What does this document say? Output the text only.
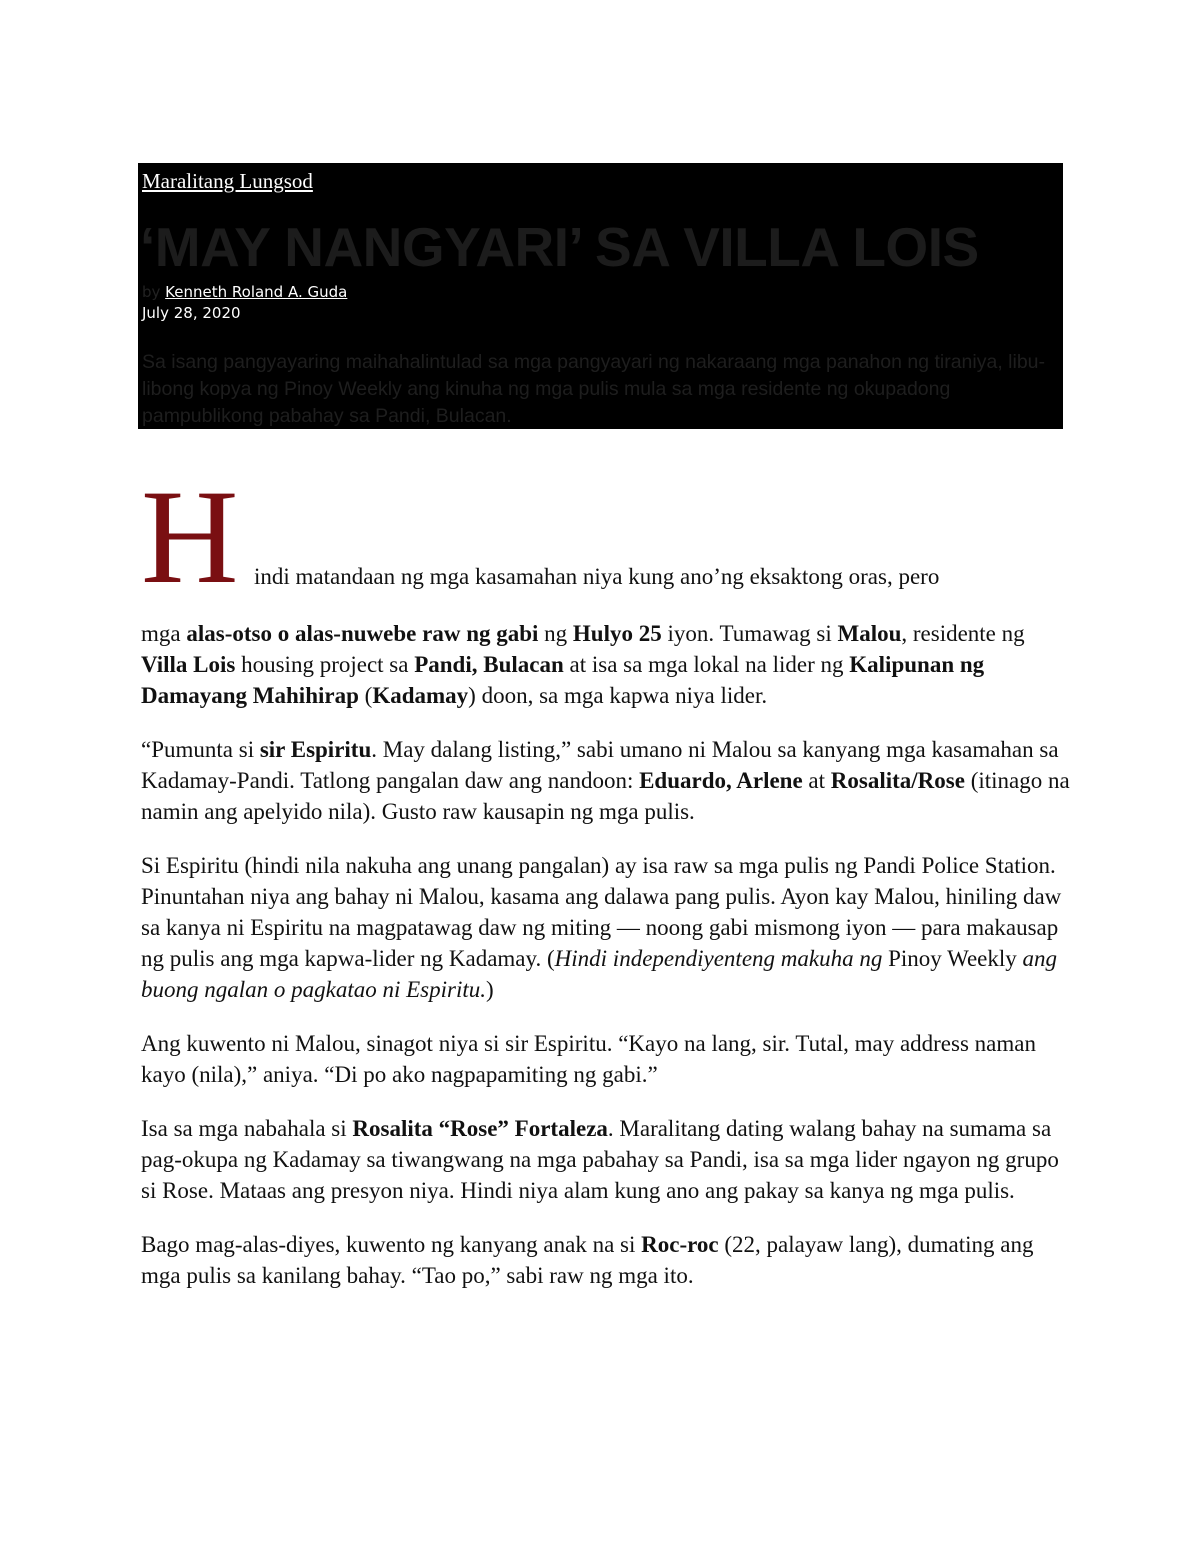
Maralitang Lungsod
‘MAY NANGYARI’ SA VILLA LOIS
by Kenneth Roland A. Guda
July 28, 2020

Sa isang pangyayaring maihahalintulad sa mga pangyayari ng nakaraang mga panahon ng tiraniya, libu-libong kopya ng Pinoy Weekly ang kinuha ng mga pulis mula sa mga residente ng okupadong pampublikong pabahay sa Pandi, Bulacan.

H indi matandaan ng mga kasamahan niya kung ano’ng eksaktong oras, pero

mga alas-otso o alas-nuwebe raw ng gabi ng Hulyo 25 iyon. Tumawag si Malou, residente ng Villa Lois housing project sa Pandi, Bulacan at isa sa mga lokal na lider ng Kalipunan ng Damayang Mahihirap (Kadamay) doon, sa mga kapwa niya lider.

“Pumunta si sir Espiritu. May dalang listing,” sabi umano ni Malou sa kanyang mga kasamahan sa Kadamay-Pandi. Tatlong pangalan daw ang nandoon: Eduardo, Arlene at Rosalita/Rose (itinago na namin ang apelyido nila). Gusto raw kausapin ng mga pulis.

Si Espiritu (hindi nila nakuha ang unang pangalan) ay isa raw sa mga pulis ng Pandi Police Station. Pinuntahan niya ang bahay ni Malou, kasama ang dalawa pang pulis. Ayon kay Malou, hiniling daw sa kanya ni Espiritu na magpatawag daw ng miting — noong gabi mismong iyon — para makausap ng pulis ang mga kapwa-lider ng Kadamay. (Hindi independiyenteng makuha ng Pinoy Weekly ang buong ngalan o pagkatao ni Espiritu.)

Ang kuwento ni Malou, sinagot niya si sir Espiritu. “Kayo na lang, sir. Tutal, may address naman kayo (nila),” aniya. “Di po ako nagpapamiting ng gabi.”

Isa sa mga nabahala si Rosalita “Rose” Fortaleza. Maralitang dating walang bahay na sumama sa pag-okupa ng Kadamay sa tiwangwang na mga pabahay sa Pandi, isa sa mga lider ngayon ng grupo si Rose. Mataas ang presyon niya. Hindi niya alam kung ano ang pakay sa kanya ng mga pulis.

Bago mag-alas-diyes, kuwento ng kanyang anak na si Roc-roc (22, palayaw lang), dumating ang mga pulis sa kanilang bahay. “Tao po,” sabi raw ng mga ito.
